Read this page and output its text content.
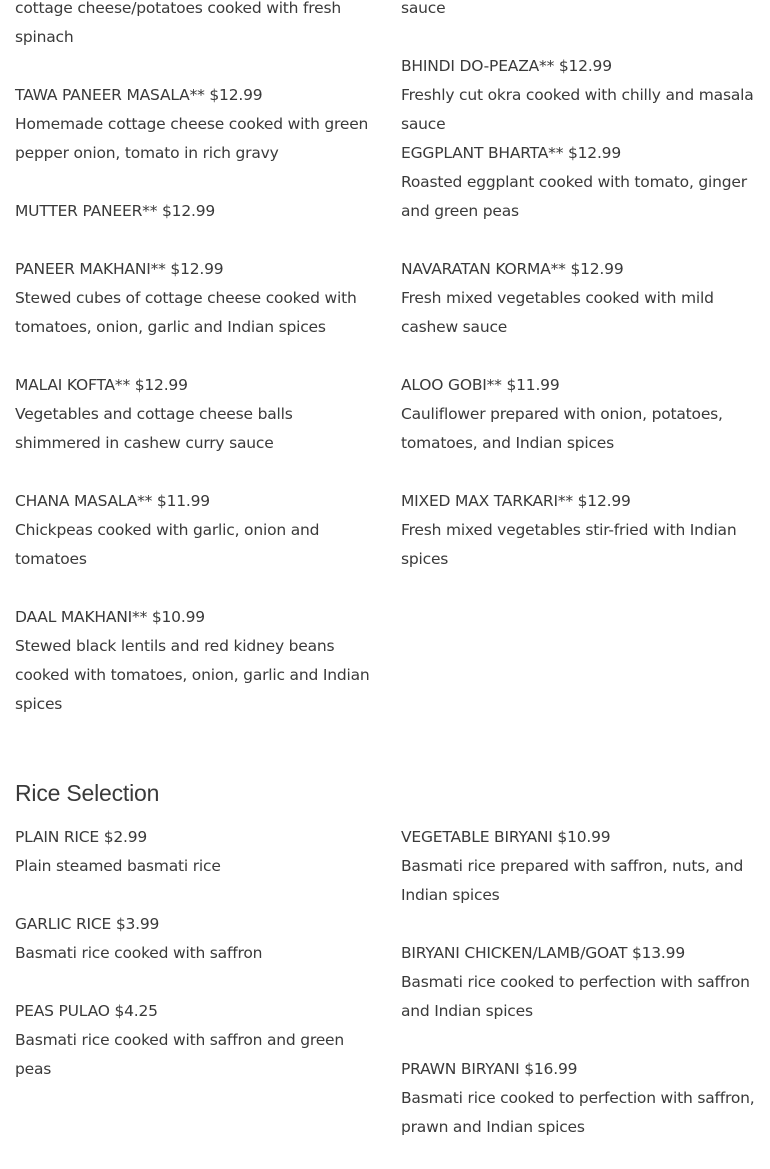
cottage cheese/potatoes cooked with fresh spinach
TAWA PANEER MASALA** $12.99
Homemade cottage cheese cooked with green pepper onion, tomato in rich gravy
MUTTER PANEER** $12.99
PANEER MAKHANI** $12.99
Stewed cubes of cottage cheese cooked with tomatoes, onion, garlic and Indian spices
MALAI KOFTA** $12.99
Vegetables and cottage cheese balls shimmered in cashew curry sauce
CHANA MASALA** $11.99
Chickpeas cooked with garlic, onion and tomatoes
DAAL MAKHANI** $10.99
Stewed black lentils and red kidney beans cooked with tomatoes, onion, garlic and Indian spices
sauce
BHINDI DO-PEAZA** $12.99
Freshly cut okra cooked with chilly and masala sauce
EGGPLANT BHARTA** $12.99
Roasted eggplant cooked with tomato, ginger and green peas
NAVARATAN KORMA** $12.99
Fresh mixed vegetables cooked with mild cashew sauce
ALOO GOBI** $11.99
Cauliflower prepared with onion, potatoes, tomatoes, and Indian spices
MIXED MAX TARKARI** $12.99
Fresh mixed vegetables stir-fried with Indian spices
Rice Selection
PLAIN RICE $2.99
Plain steamed basmati rice
GARLIC RICE $3.99
Basmati rice cooked with saffron
PEAS PULAO $4.25
Basmati rice cooked with saffron and green peas
VEGETABLE BIRYANI $10.99
Basmati rice prepared with saffron, nuts, and Indian spices
BIRYANI CHICKEN/LAMB/GOAT $13.99
Basmati rice cooked to perfection with saffron and Indian spices
PRAWN BIRYANI $16.99
Basmati rice cooked to perfection with saffron, prawn and Indian spices
